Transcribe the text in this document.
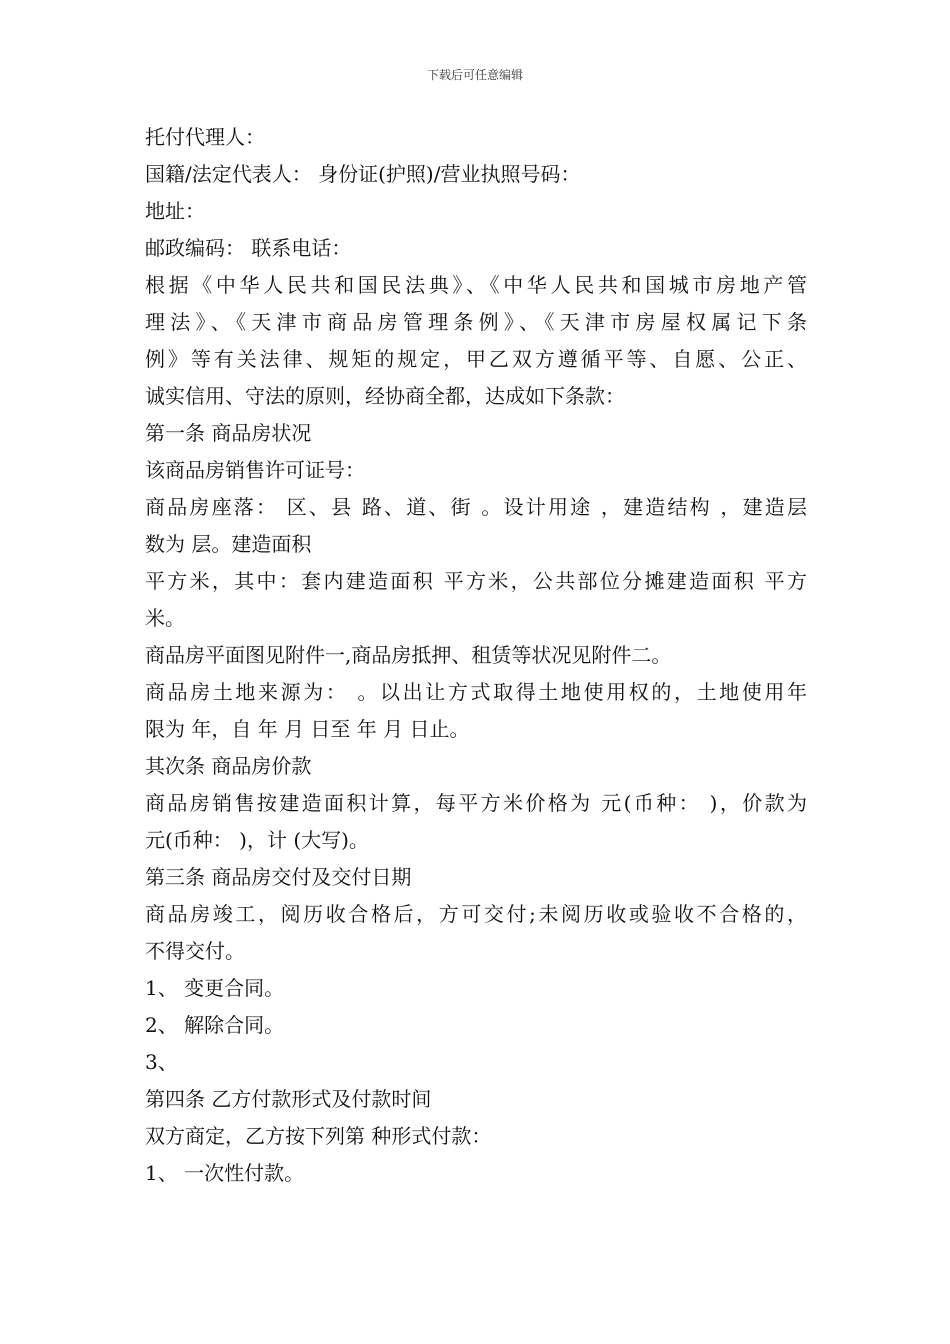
下载后可任意编辑
托付代理人：
国籍/法定代表人： 身份证(护照)/营业执照号码：
地址：
邮政编码： 联系电话：
根据《中华人民共和国民法典》、《中华人民共和国城市房地产管
理法》、《天津市商品房管理条例》、《天津市房屋权属记下条
例》等有关法律、规矩的规定，甲乙双方遵循平等、自愿、公正、
诚实信用、守法的原则，经协商全都，达成如下条款：
第一条 商品房状况
该商品房销售许可证号：
商品房座落： 区、县 路、道、街 。设计用途 ，建造结构 ，建造层
数为 层。建造面积
平方米，其中：套内建造面积 平方米，公共部位分摊建造面积 平方
米。
商品房平面图见附件一,商品房抵押、租赁等状况见附件二。
商品房土地来源为： 。以出让方式取得土地使用权的，土地使用年
限为 年，自 年 月 日至 年 月 日止。
其次条 商品房价款
商品房销售按建造面积计算，每平方米价格为 元(币种： )，价款为
元(币种： )，计 (大写)。
第三条 商品房交付及交付日期
商品房竣工，阅历收合格后，方可交付;未阅历收或验收不合格的，
不得交付。
1、 变更合同。
2、 解除合同。
3、
第四条 乙方付款形式及付款时间
双方商定，乙方按下列第 种形式付款：
1、 一次性付款。
